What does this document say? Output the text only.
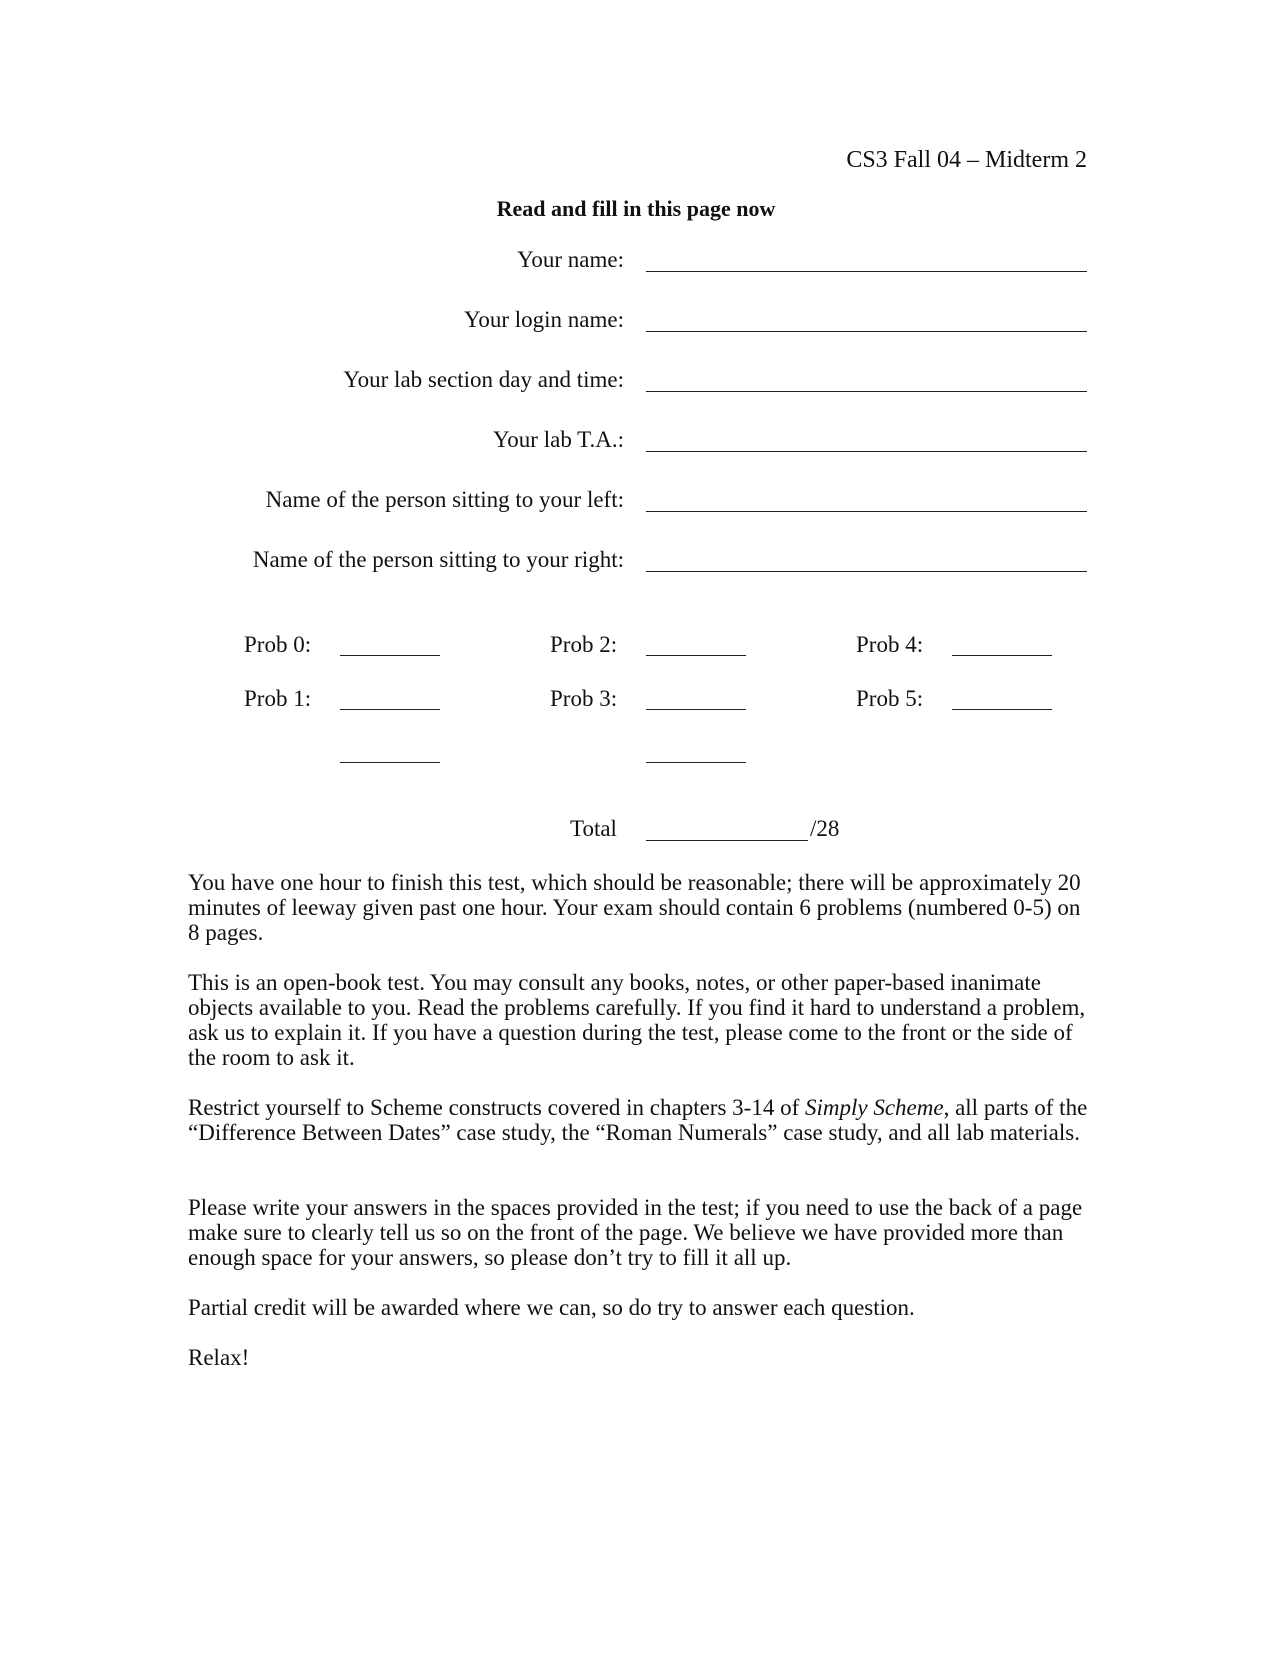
CS3 Fall 04 – Midterm 2
Read and fill in this page now
Your name:
Your login name:
Your lab section day and time:
Your lab T.A.:
Name of the person sitting to your left:
Name of the person sitting to your right:
Prob 0:	Prob 2:	Prob 4:
Prob 1:	Prob 3:	Prob 5:
Total	/28

You have one hour to finish this test, which should be reasonable; there will be approximately 20 minutes of leeway given past one hour. Your exam should contain 6 problems (numbered 0-5) on 8 pages.

This is an open-book test. You may consult any books, notes, or other paper-based inanimate objects available to you. Read the problems carefully. If you find it hard to understand a problem, ask us to explain it. If you have a question during the test, please come to the front or the side of the room to ask it.

Restrict yourself to Scheme constructs covered in chapters 3-14 of Simply Scheme, all parts of the “Difference Between Dates” case study, the “Roman Numerals” case study, and all lab materials.

Please write your answers in the spaces provided in the test; if you need to use the back of a page make sure to clearly tell us so on the front of the page. We believe we have provided more than enough space for your answers, so please don’t try to fill it all up.

Partial credit will be awarded where we can, so do try to answer each question.

Relax!
